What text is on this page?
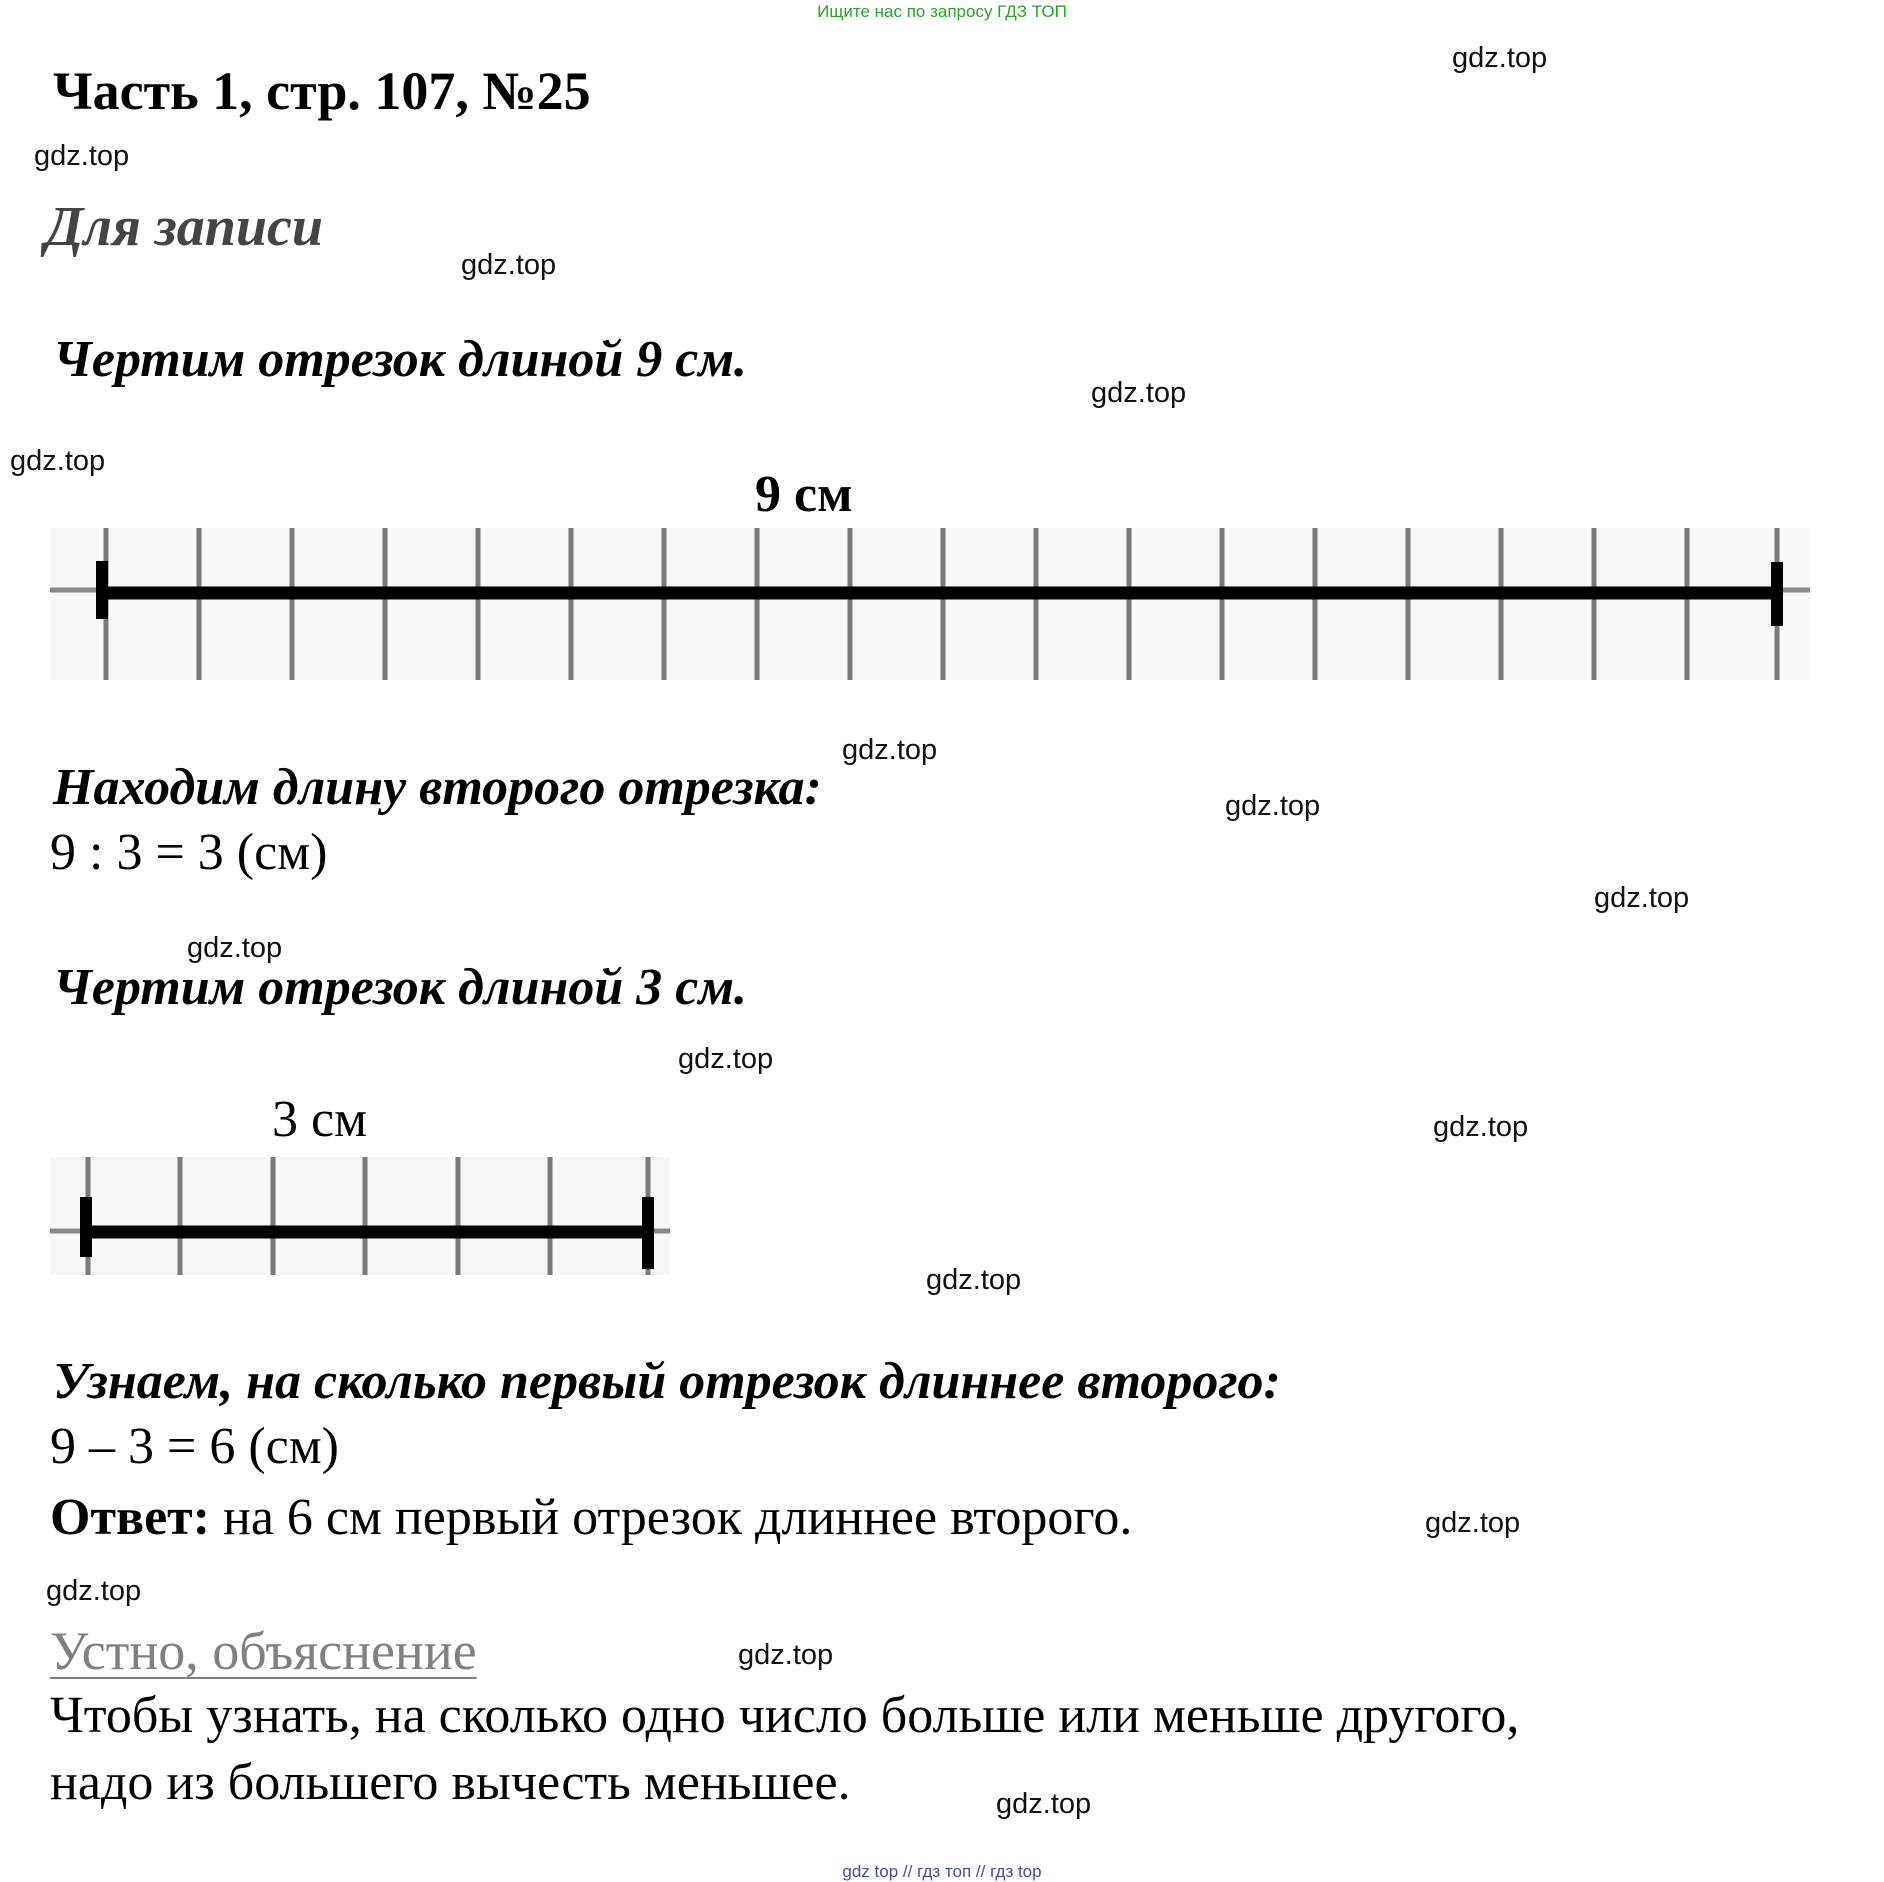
Ищите нас по запросу ГДЗ ТОП
Часть 1, стр. 107, №25
Для записи
Чертим отрезок длиной 9 см.
9 см
Находим длину второго отрезка:
9 : 3 = 3 (см)
Чертим отрезок длиной 3 см.
3 см
Узнаем, на сколько первый отрезок длиннее второго:
9 – 3 = 6 (см)
Ответ: на 6 см первый отрезок длиннее второго.
Устно, объяснение
Чтобы узнать, на сколько одно число больше или меньше другого,
надо из большего вычесть меньшее.
gdz.top
gdz.top
gdz.top
gdz.top
gdz.top
gdz.top
gdz.top
gdz.top
gdz.top
gdz.top
gdz.top
gdz.top
gdz.top
gdz.top
gdz.top
gdz.top
gdz top // гдз топ // гдз top
